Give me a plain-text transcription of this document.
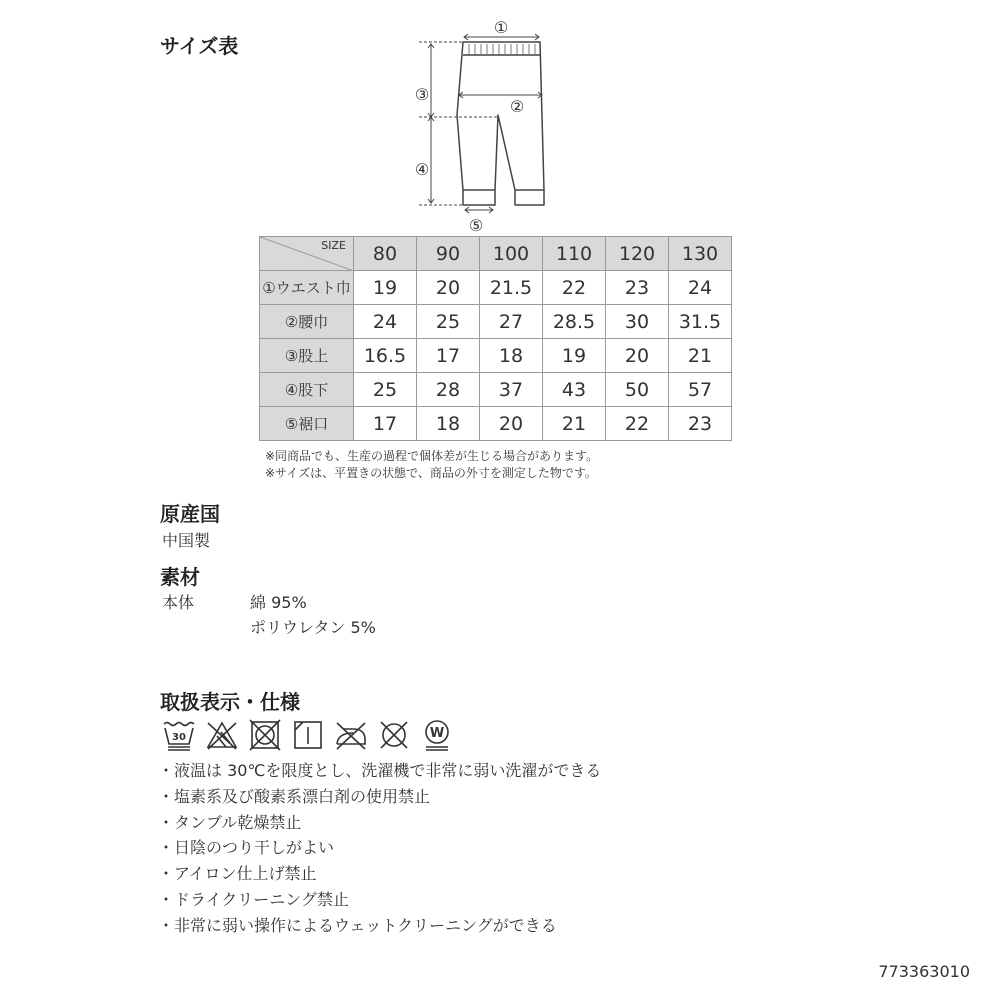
サイズ表
①
②
③
④
⑤
SIZE	80	90	100	110	120	130
①ウエスト巾	19	20	21.5	22	23	24
②腰巾	24	25	27	28.5	30	31.5
③股上	16.5	17	18	19	20	21
④股下	25	28	37	43	50	57
⑤裾口	17	18	20	21	22	23
※同商品でも、生産の過程で個体差が生じる場合があります。
※サイズは、平置きの状態で、商品の外寸を測定した物です。
原産国
中国製
素材
本体	綿 95%
ポリウレタン 5%
取扱表示・仕様
30	W
・液温は 30℃を限度とし、洗濯機で非常に弱い洗濯ができる
・塩素系及び酸素系漂白剤の使用禁止
・タンブル乾燥禁止
・日陰のつり干しがよい
・アイロン仕上げ禁止
・ドライクリーニング禁止
・非常に弱い操作によるウェットクリーニングができる
773363010
